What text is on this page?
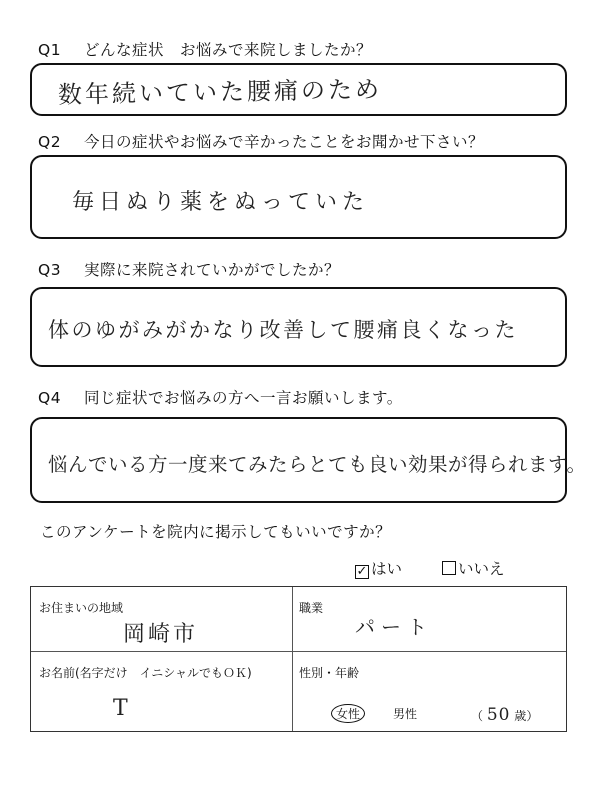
Q1 どんな症状　お悩みで来院しましたか？
数年続いていた腰痛のため
Q2 今日の症状やお悩みで辛かったことをお聞かせ下さい？
毎日ぬり薬をぬっていた
Q3 実際に来院されていかがでしたか？
体のゆがみがかなり改善して腰痛良くなった
Q4 同じ症状でお悩みの方へ一言お願いします。
悩んでいる方一度来てみたらとても良い効果が得られます。
このアンケートを院内に掲示してもいいですか？
✓ はい	いいえ
お住まいの地域
岡崎市
職業
パート
お名前(名字だけ　イニシャルでもＯＫ)
T
性別・年齢
女性	男性	（ 50 歳）
